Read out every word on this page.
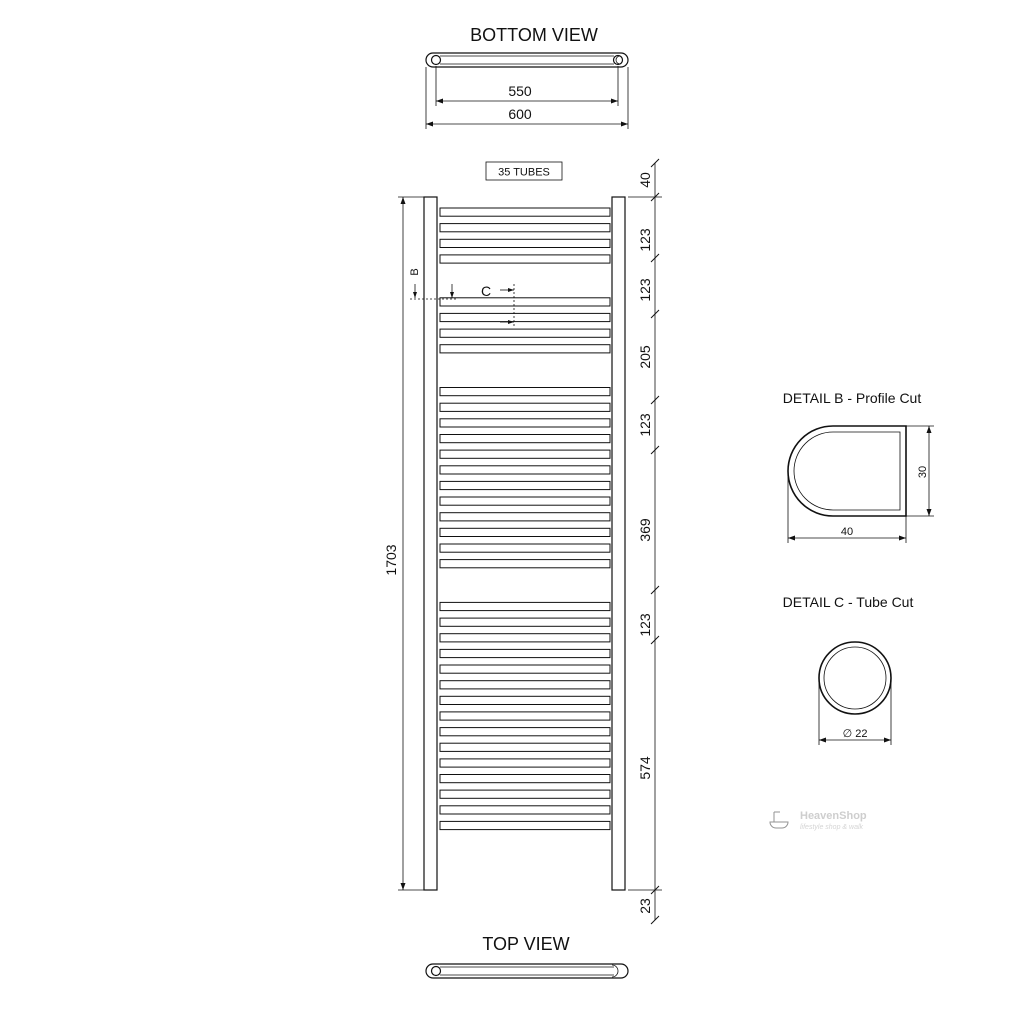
BOTTOM VIEW
550
600
35 TUBES
1703
B
C
40
23
123
123
205
123
369
123
574
TOP VIEW
DETAIL B - Profile Cut
30
40
DETAIL C - Tube Cut
∅ 22
HeavenShop
lifestyle shop & walk
